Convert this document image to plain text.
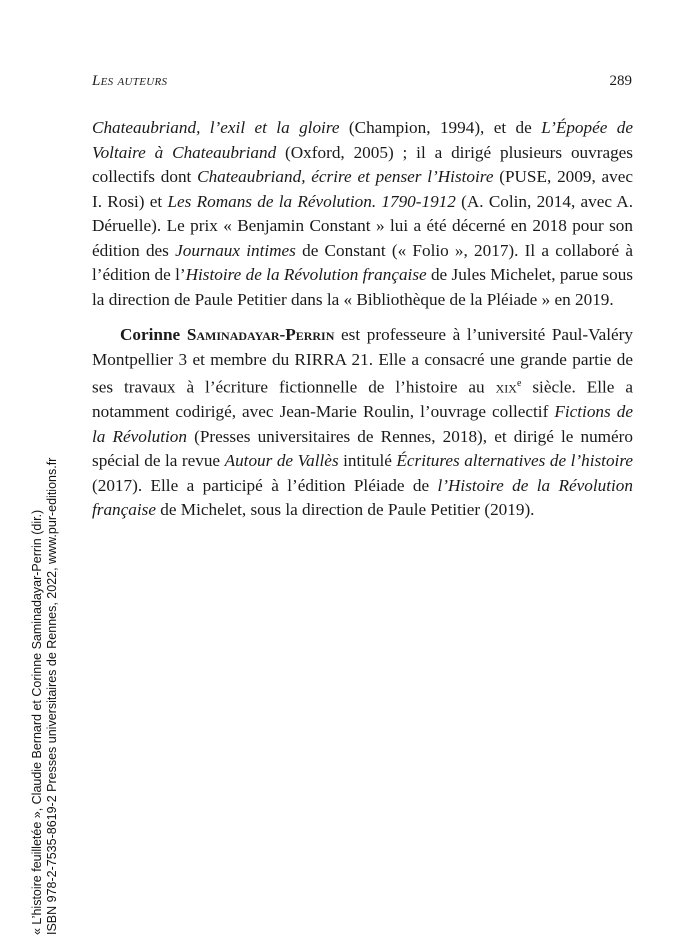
Les auteurs	289

Chateaubriand, l’exil et la gloire (Champion, 1994), et de L’Épopée de Voltaire à Chateaubriand (Oxford, 2005) ; il a dirigé plusieurs ouvrages collectifs dont Chateaubriand, écrire et penser l’Histoire (PUSE, 2009, avec I. Rosi) et Les Romans de la Révolution. 1790-1912 (A. Colin, 2014, avec A. Déruelle). Le prix « Benjamin Constant » lui a été décerné en 2018 pour son édition des Journaux intimes de Constant (« Folio », 2017). Il a collaboré à l’édition de l’Histoire de la Révolution française de Jules Michelet, parue sous la direction de Paule Petitier dans la « Bibliothèque de la Pléiade » en 2019.

Corinne Saminadayar-Perrin est professeure à l’université Paul-Valéry Montpellier 3 et membre du RIRRA 21. Elle a consacré une grande partie de ses travaux à l’écriture fictionnelle de l’histoire au xix$^e$ siècle. Elle a notamment codirigé, avec Jean-Marie Roulin, l’ouvrage collectif Fictions de la Révolution (Presses universitaires de Rennes, 2018), et dirigé le numéro spécial de la revue Autour de Vallès intitulé Écritures alternatives de l’histoire (2017). Elle a participé à l’édition Pléiade de l’Histoire de la Révolution française de Michelet, sous la direction de Paule Petitier (2019).

« L’histoire feuilletée », Claudie Bernard et Corinne Saminadayar-Perrin (dir.) ISBN 978-2-7535-8619-2 Presses universitaires de Rennes, 2022, www.pur-editions.fr
